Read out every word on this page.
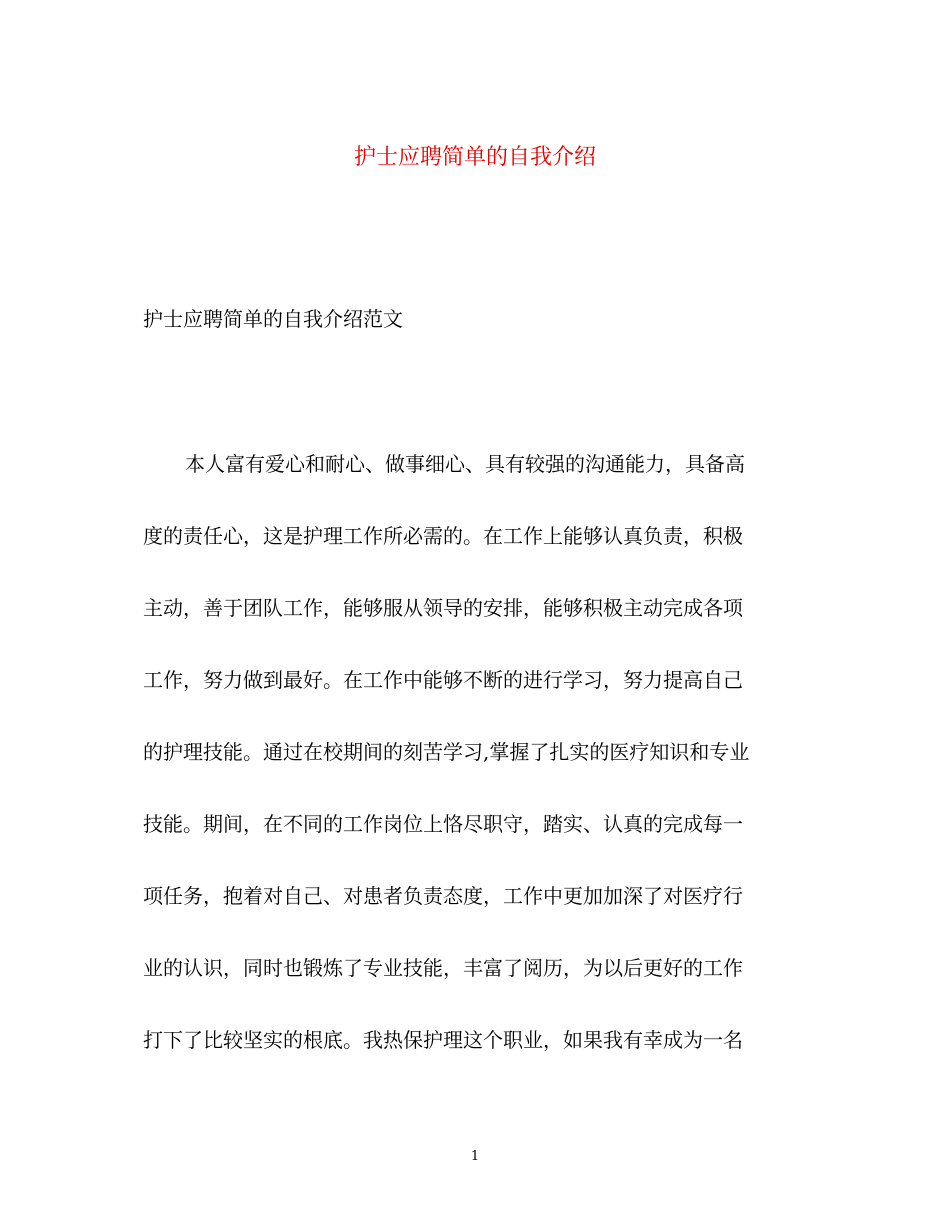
护士应聘简单的自我介绍
护士应聘简单的自我介绍范文
本人富有爱心和耐心、做事细心、具有较强的沟通能力，具备高
度的责任心，这是护理工作所必需的。在工作上能够认真负责，积极
主动，善于团队工作，能够服从领导的安排，能够积极主动完成各项
工作，努力做到最好。在工作中能够不断的进行学习，努力提高自己
的护理技能。通过在校期间的刻苦学习,掌握了扎实的医疗知识和专业
技能。期间，在不同的工作岗位上恪尽职守，踏实、认真的完成每一
项任务，抱着对自己、对患者负责态度，工作中更加加深了对医疗行
业的认识，同时也锻炼了专业技能，丰富了阅历，为以后更好的工作
打下了比较坚实的根底。我热保护理这个职业，如果我有幸成为一名
1
